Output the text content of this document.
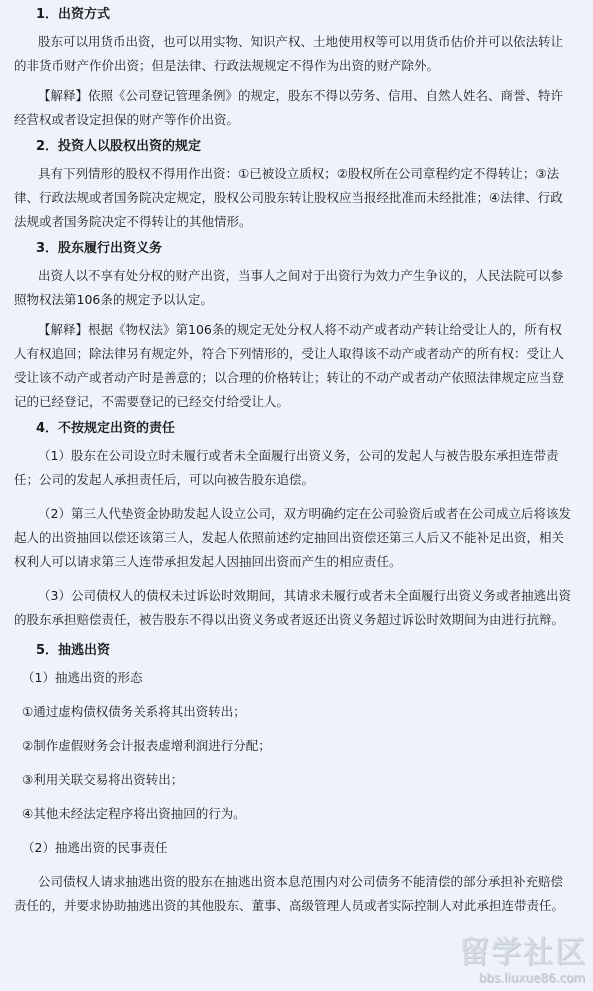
1．出资方式

股东可以用货币出资，也可以用实物、知识产权、土地使用权等可以用货币估价并可以依法转让的非货币财产作价出资；但是法律、行政法规规定不得作为出资的财产除外。

【解释】依照《公司登记管理条例》的规定，股东不得以劳务、信用、自然人姓名、商誉、特许经营权或者设定担保的财产等作价出资。

2．投资人以股权出资的规定

具有下列情形的股权不得用作出资：①已被设立质权；②股权所在公司章程约定不得转让；③法律、行政法规或者国务院决定规定，股权公司股东转让股权应当报经批准而未经批准；④法律、行政法规或者国务院决定不得转让的其他情形。

3．股东履行出资义务

出资人以不享有处分权的财产出资，当事人之间对于出资行为效力产生争议的，人民法院可以参照物权法第106条的规定予以认定。

【解释】根据《物权法》第106条的规定无处分权人将不动产或者动产转让给受让人的，所有权人有权追回；除法律另有规定外，符合下列情形的，受让人取得该不动产或者动产的所有权：受让人受让该不动产或者动产时是善意的；以合理的价格转让；转让的不动产或者动产依照法律规定应当登记的已经登记，不需要登记的已经交付给受让人。

4．不按规定出资的责任

（1）股东在公司设立时未履行或者未全面履行出资义务，公司的发起人与被告股东承担连带责任；公司的发起人承担责任后，可以向被告股东追偿。

（2）第三人代垫资金协助发起人设立公司，双方明确约定在公司验资后或者在公司成立后将该发起人的出资抽回以偿还该第三人，发起人依照前述约定抽回出资偿还第三人后又不能补足出资，相关权利人可以请求第三人连带承担发起人因抽回出资而产生的相应责任。

（3）公司债权人的债权未过诉讼时效期间，其请求未履行或者未全面履行出资义务或者抽逃出资的股东承担赔偿责任，被告股东不得以出资义务或者返还出资义务超过诉讼时效期间为由进行抗辩。

5．抽逃出资

（1）抽逃出资的形态

①通过虚构债权债务关系将其出资转出；

②制作虚假财务会计报表虚增利润进行分配；

③利用关联交易将出资转出；

④其他未经法定程序将出资抽回的行为。

（2）抽逃出资的民事责任

公司债权人请求抽逃出资的股东在抽逃出资本息范围内对公司债务不能清偿的部分承担补充赔偿责任的，并要求协助抽逃出资的其他股东、董事、高级管理人员或者实际控制人对此承担连带责任。

留学社区
bbs.liuxue86.com
